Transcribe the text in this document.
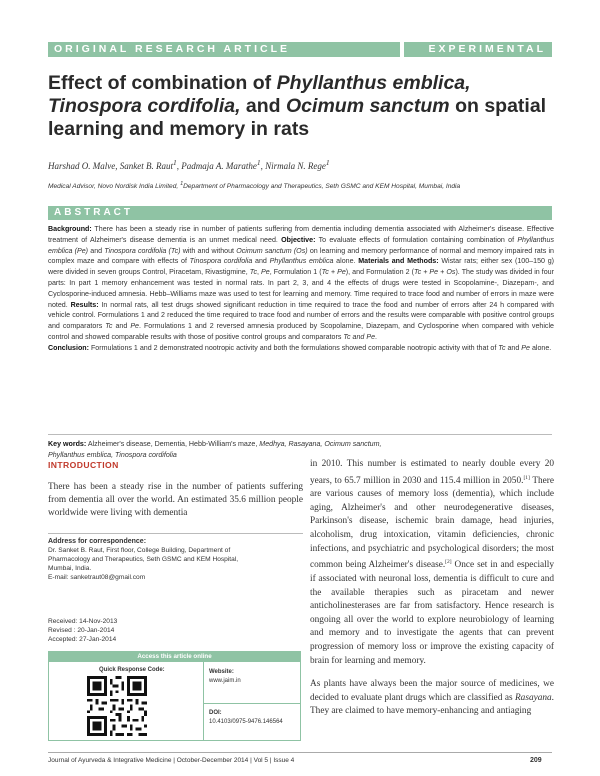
ORIGINAL RESEARCH ARTICLE	EXPERIMENTAL
Effect of combination of Phyllanthus emblica,
Tinospora cordifolia, and Ocimum sanctum on spatial learning and memory in rats
Harshad O. Malve, Sanket B. Raut$^1$, Padmaja A. Marathe$^1$, Nirmala N. Rege$^1$
Medical Advisor, Novo Nordisk India Limited, $^1$Department of Pharmacology and Therapeutics, Seth GSMC and KEM Hospital, Mumbai, India
ABSTRACT

Background: There has been a steady rise in number of patients suffering from dementia including dementia associated with Alzheimer's disease. Effective treatment of Alzheimer's disease dementia is an unmet medical need. Objective: To evaluate effects of formulation containing combination of Phyllanthus emblica (Pe) and Tinospora cordifolia (Tc) with and without Ocimum sanctum (Os) on learning and memory performance of normal and memory impaired rats in complex maze and compare with effects of Tinospora cordifolia and Phyllanthus emblica alone. Materials and Methods: Wistar rats; either sex (100–150 g) were divided in seven groups Control, Piracetam, Rivastigmine, Tc, Pe, Formulation 1 (Tc + Pe), and Formulation 2 (Tc + Pe + Os). The study was divided in four parts: In part 1 memory enhancement was tested in normal rats. In part 2, 3, and 4 the effects of drugs were tested in Scopolamine-, Diazepam-, and Cyclosporine-induced amnesia. Hebb–Williams maze was used to test for learning and memory. Time required to trace food and number of errors in maze were noted. Results: In normal rats, all test drugs showed significant reduction in time required to trace the food and number of errors after 24 h compared with vehicle control. Formulations 1 and 2 reduced the time required to trace food and number of errors and the results were comparable with positive control groups and comparators Tc and Pe. Formulations 1 and 2 reversed amnesia produced by Scopolamine, Diazepam, and Cyclosporine when compared with vehicle control and showed comparable results with those of positive control groups and comparators Tc and Pe.
Conclusion: Formulations 1 and 2 demonstrated nootropic activity and both the formulations showed comparable nootropic activity with that of Tc and Pe alone.

Key words: Alzheimer's disease, Dementia, Hebb-William's maze, Medhya, Rasayana, Ocimum sanctum,
Phyllanthus emblica, Tinospora cordifolia
INTRODUCTION

There has been a steady rise in the number of patients suffering from dementia all over the world. An estimated 35.6 million people worldwide were living with dementia

Address for correspondence:
Dr. Sanket B. Raut, First floor, College Building, Department of
Pharmacology and Therapeutics, Seth GSMC and KEM Hospital,
Mumbai, India.
E-mail: sanketraut08@gmail.com
Received: 14-Nov-2013
Revised : 20-Jan-2014
Accepted: 27-Jan-2014
Access this article online
Quick Response Code:	Website:
www.jaim.in
DOI:
10.4103/0975-9476.146564

in 2010. This number is estimated to nearly double every 20 years, to 65.7 million in 2030 and 115.4 million in 2050.[1] There are various causes of memory loss (dementia), which include aging, Alzheimer's and other neurodegenerative diseases, Parkinson's disease, ischemic brain damage, head injuries, alcoholism, drug intoxication, vitamin deficiencies, chronic infections, and psychiatric and psychological disorders; the most common being Alzheimer's disease.[2] Once set in and especially if associated with neuronal loss, dementia is difficult to cure and the available therapies such as piracetam and newer anticholinesterases are far from satisfactory. Hence research is ongoing all over the world to explore neurobiology of learning and memory and to investigate the agents that can prevent progression of memory loss or improve the existing capacity of brain for learning and memory.

As plants have always been the major source of medicines, we decided to evaluate plant drugs which are classified as Rasayana. They are claimed to have memory-enhancing and antiaging

Journal of Ayurveda & Integrative Medicine | October-December 2014 | Vol 5 | Issue 4	209
